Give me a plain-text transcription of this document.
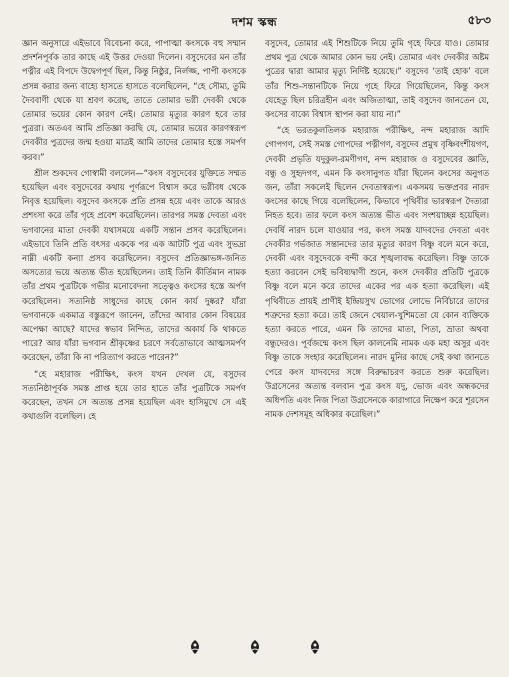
দশম স্কন্ধ	৫৮৩

জ্ঞান অনুসারে এইভাবে বিবেচনা করে, পাপাত্মা কংসকে বহু সম্মান প্রদর্শনপূর্বক তার কাছে এই উত্তর দেওয়া দিলেন। বসুদেবের মন তাঁর পত্নীর এই বিপদে উদ্বেগপূর্ণ ছিল, কিন্তু নিষ্ঠুর, নির্লজ্জ, পাপী কংসকে প্রসন্ন করার জন্য বাহ্যে হাসতে হাসতে বলেছিলেন, “হে সৌম্য, তুমি দৈববাণী থেকে যা শ্রবণ করেছ, তাতে তোমার ভগ্নী দেবকী থেকে তোমার ভয়ের কোন কারণ নেই। তোমার মৃত্যুর কারণ হবে তার পুত্ররা। অতএব আমি প্রতিজ্ঞা করছি যে, তোমার ভয়ের কারণস্বরূপ দেবকীর পুত্রদের জন্ম হওয়া মাত্রই আমি তাদের তোমার হস্তে সমর্পণ করব।”

শ্রীল শুকদেব গোস্বামী বললেন—“কংস বসুদেবের যুক্তিতে সম্মত হয়েছিল এবং বসুদেবের কথায় পূর্ণরূপে বিশ্বাস করে ভগ্নীবধ থেকে নিবৃত্ত হয়েছিল। বসুদেব কংসকে প্রতি প্রসন্ন হয়ে এবং তাকে আরও প্রশংসা করে তাঁর গৃহে প্রবেশ করেছিলেন। তারপর সমস্ত দেবতা এবং ভগবানের মাতা দেবকী যথাসময়ে একটি সন্তান প্রসব করেছিলেন। এইভাবে তিনি প্রতি বৎসর এককে পর এক আটটি পুত্র এবং সুভদ্রা নাম্নী একটি কন্যা প্রসব করেছিলেন। বসুদেব প্রতিজ্ঞাভঙ্গ-জনিত অসত্যের ভয়ে অত্যন্ত ভীত হয়েছিলেন। তাই তিনি কীর্তিমান নামক তাঁর প্রথম পুত্রটিকে গভীর মনোবেদনা সত্ত্বেও কংসের হস্তে অর্পণ করেছিলেন। সত্যনিষ্ঠ সাধুদের কাছে কোন কার্য দুষ্কর? যাঁরা ভগবানকে একমাত্র বস্তুরূপে জানেন, তাঁদের আবার কোন বিষয়ের অপেক্ষা আছে? যাদের স্বভাব নিন্দিত, তাদের অকার্য কি থাকতে পারে? আর যাঁরা ভগবান শ্রীকৃষ্ণের চরণে সর্বতোভাবে আত্মসমর্পণ করেছেন, তাঁরা কি না পরিত্যাগ করতে পারেন?”

“হে মহারাজ পরীক্ষিৎ, কংস যখন দেখল যে, বসুদেব সত্যনিষ্ঠাপূর্বক সমস্ত প্রাপ্ত হয়ে তার হাতে তাঁর পুত্রটিকে সমর্পণ করেছেন, তখন সে অত্যন্ত প্রসন্ন হয়েছিল এবং হাসিমুখে সে এই কথাগুলি বলেছিল। হে

বসুদেব, তোমার এই শিশুটিকে নিয়ে তুমি গৃহে ফিরে যাও। তোমার প্রথম পুত্র থেকে আমার কোন ভয় নেই। তোমার এবং দেবকীর অষ্টম পুত্রের দ্বারা আমার মৃত্যু নির্দিষ্ট হয়েছে।” বসুদেব ‘তাই হোক’ বলে তাঁর শিশু-সন্তানটিকে নিয়ে গৃহে ফিরে গিয়েছিলেন, কিন্তু কংস যেহেতু ছিল চরিত্রহীন এবং অজিতাত্মা, তাই বসুদেব জানতেন যে, কংসের বাক্যে বিশ্বাস স্থাপন করা যায় না।”

“হে ভরতকুলতিলক মহারাজ পরীক্ষিৎ, নন্দ মহারাজ আদি গোপগণ, সেই সমস্ত গোপদের পত্নীগণ, বসুদেব প্রমুখ বৃষ্ণিবংশীয়গণ, দেবকী প্রভৃতি যদুকুল-রমণীগণ, নন্দ মহারাজ ও বসুদেবের জ্ঞাতি, বন্ধু ও সুহৃদগণ, এমন কি কংসানুগত যাঁরা ছিলেন কংসের অনুগত জন, তাঁরা সকলেই ছিলেন দেবতাস্বরূপ। একসময় ভক্তপ্রবর নারদ কংসের কাছে গিয়ে বলেছিলেন, কিভাবে পৃথিবীর ভারস্বরূপ দৈত্যরা নিহত হবে। তার ফলে কংস অত্যন্ত ভীত এবং সংশয়াচ্ছন্ন হয়েছিল। দেবর্ষি নারদ চলে যাওয়ার পর, কংস সমস্ত যাদবদের দেবতা এবং দেবকীর গর্ভজাত সন্তানদের তার মৃত্যুর কারণ বিষ্ণু বলে মনে করে, দেবকী এবং বসুদেবকে বন্দী করে শৃঙ্খলাবদ্ধ করেছিল। বিষ্ণু তাকে হত্যা করবেন সেই ভবিষ্যদ্বাণী শুনে, কংস দেবকীর প্রতিটি পুত্রকে বিষ্ণু বলে মনে করে তাদের একের পর এক হত্যা করেছিল। এই পৃথিবীতে প্রায়ই প্রাণীই ইন্দ্রিয়সুখ ভোগের লোভে নির্বিচারে তাদের শত্রুদের হত্যা করে। তাই জেনে খেয়াল-খুশিমতো যে কোন ব্যক্তিকে হত্যা করতে পারে, এমন কি তাদের মাতা, পিতা, ভ্রাতা অথবা বন্ধুদেরও। পূর্বজন্মে কংস ছিল কালনেমি নামক এক মহা অসুর এবং বিষ্ণু তাকে সংহার করেছিলেন। নারদ মুনির কাছে সেই কথা জানতে পেরে কংস যাদবদের সঙ্গে বিরুদ্ধাচরণ করতে শুরু করেছিল। উগ্রসেনের অত্যন্ত বলবান পুত্র কংস যদু, ভোজ এবং অন্ধকদের অধিপতি এবং নিজ পিতা উগ্রসেনকে কারাগারে নিক্ষেপ করে শূরসেন নামক দেশসমূহ অধিকার করেছিল।”
